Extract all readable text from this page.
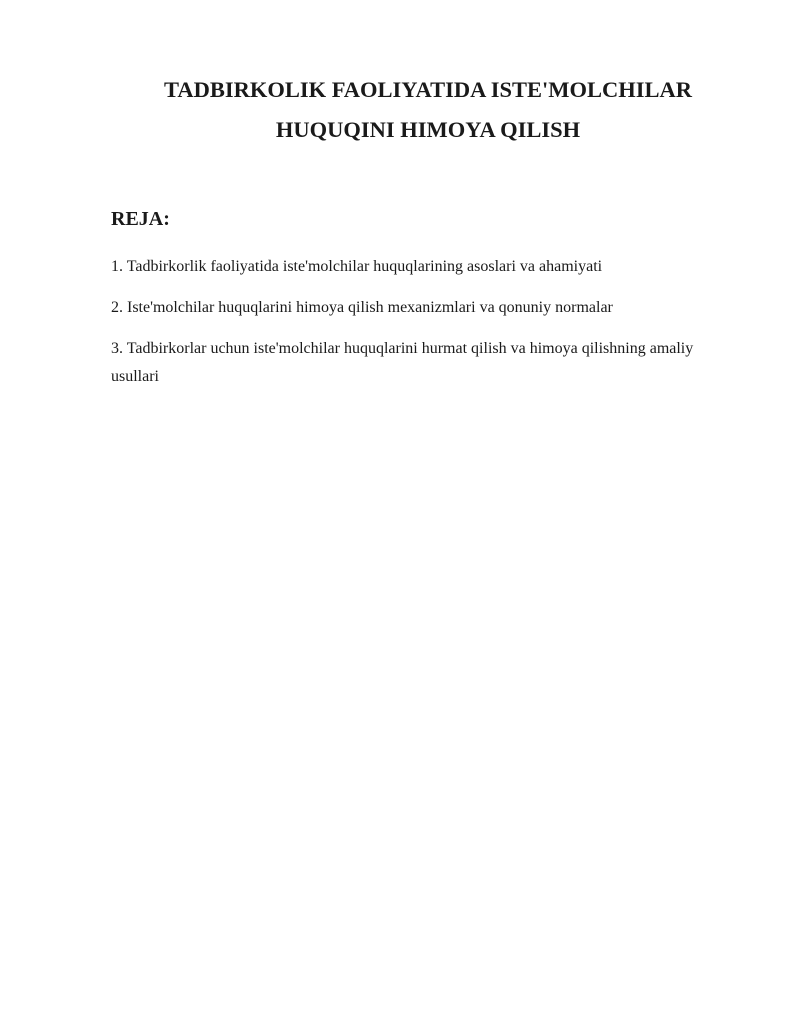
TADBIRKOLIK FAOLIYATIDA ISTE'MOLCHILAR
HUQUQINI HIMOYA QILISH
REJA:
1. Tadbirkorlik faoliyatida iste'molchilar huquqlarining asoslari va ahamiyati
2. Iste'molchilar huquqlarini himoya qilish mexanizmlari va qonuniy normalar
3. Tadbirkorlar uchun iste'molchilar huquqlarini hurmat qilish va himoya qilishning amaliy usullari
